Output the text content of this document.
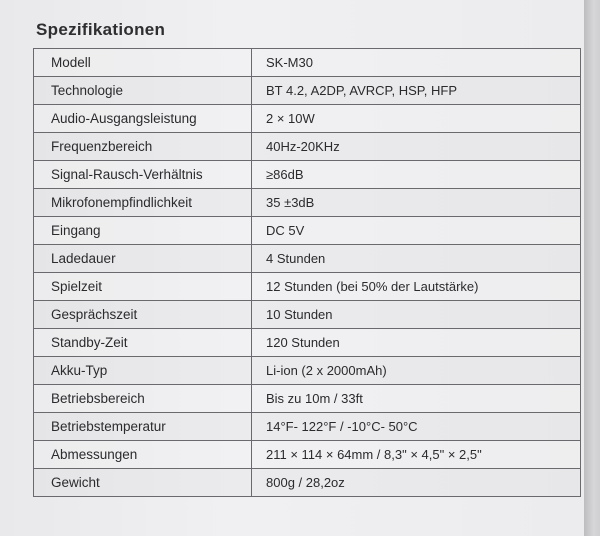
Spezifikationen
Modell	SK-M30
Technologie	BT 4.2, A2DP, AVRCP, HSP, HFP
Audio-Ausgangsleistung	2 × 10W
Frequenzbereich	40Hz-20KHz
Signal-Rausch-Verhältnis	≥86dB
Mikrofonempfindlichkeit	35 ±3dB
Eingang	DC 5V
Ladedauer	4 Stunden
Spielzeit	12 Stunden (bei 50% der Lautstärke)
Gesprächszeit	10 Stunden
Standby-Zeit	120 Stunden
Akku-Typ	Li-ion (2 x 2000mAh)
Betriebsbereich	Bis zu 10m / 33ft
Betriebstemperatur	14°F- 122°F / -10°C- 50°C
Abmessungen	211 × 114 × 64mm / 8,3" × 4,5" × 2,5"
Gewicht	800g / 28,2oz
